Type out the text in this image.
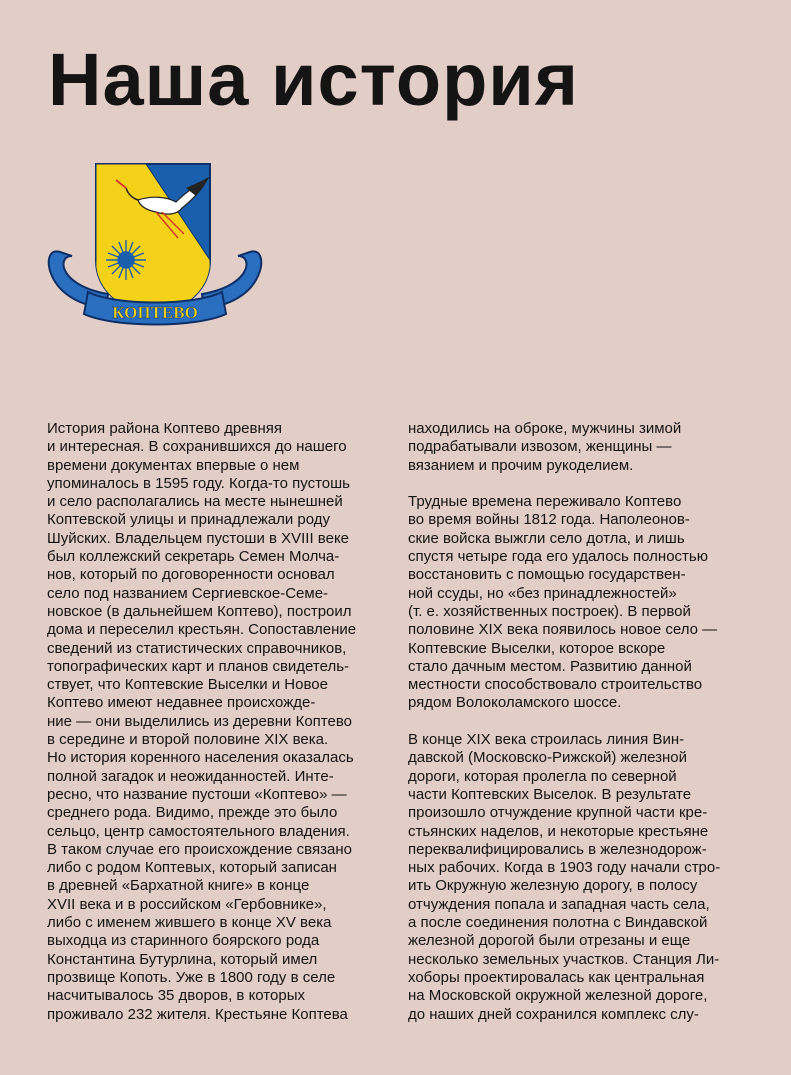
Наша история
КОПТЕВО

История района Коптево древняя
и интересная. В сохранившихся до нашего
времени документах впервые о нем
упоминалось в 1595 году. Когда-то пустошь
и село располагались на месте нынешней
Коптевской улицы и принадлежали роду
Шуйских. Владельцем пустоши в XVIII веке
был коллежский секретарь Семен Молча-
нов, который по договоренности основал
село под названием Сергиевское-Семе-
новское (в дальнейшем Коптево), построил
дома и переселил крестьян. Сопоставление
сведений из статистических справочников,
топографических карт и планов свидетель-
ствует, что Коптевские Выселки и Новое
Коптево имеют недавнее происхожде-
ние — они выделились из деревни Коптево
в середине и второй половине XIX века.
Но история коренного населения оказалась
полной загадок и неожиданностей. Инте-
ресно, что название пустоши «Коптево» —
среднего рода. Видимо, прежде это было
сельцо, центр самостоятельного владения.
В таком случае его происхождение связано
либо с родом Коптевых, который записан
в древней «Бархатной книге» в конце
XVII века и в российском «Гербовнике»,
либо с именем жившего в конце XV века
выходца из старинного боярского рода
Константина Бутурлина, который имел
прозвище Копоть. Уже в 1800 году в селе
насчитывалось 35 дворов, в которых
проживало 232 жителя. Крестьяне Коптева

находились на оброке, мужчины зимой
подрабатывали извозом, женщины —
вязанием и прочим рукоделием.

Трудные времена переживало Коптево
во время войны 1812 года. Наполеонов-
ские войска выжгли село дотла, и лишь
спустя четыре года его удалось полностью
восстановить с помощью государствен-
ной ссуды, но «без принадлежностей»
(т. е. хозяйственных построек). В первой
половине XIX века появилось новое село —
Коптевские Выселки, которое вскоре
стало дачным местом. Развитию данной
местности способствовало строительство
рядом Волоколамского шоссе.

В конце XIX века строилась линия Вин-
давской (Московско-Рижской) железной
дороги, которая пролегла по северной
части Коптевских Выселок. В результате
произошло отчуждение крупной части кре-
стьянских наделов, и некоторые крестьяне
переквалифицировались в железнодорож-
ных рабочих. Когда в 1903 году начали стро-
ить Окружную железную дорогу, в полосу
отчуждения попала и западная часть села,
а после соединения полотна с Виндавской
железной дорогой были отрезаны и еще
несколько земельных участков. Станция Ли-
хоборы проектировалась как центральная
на Московской окружной железной дороге,
до наших дней сохранился комплекс слу-
